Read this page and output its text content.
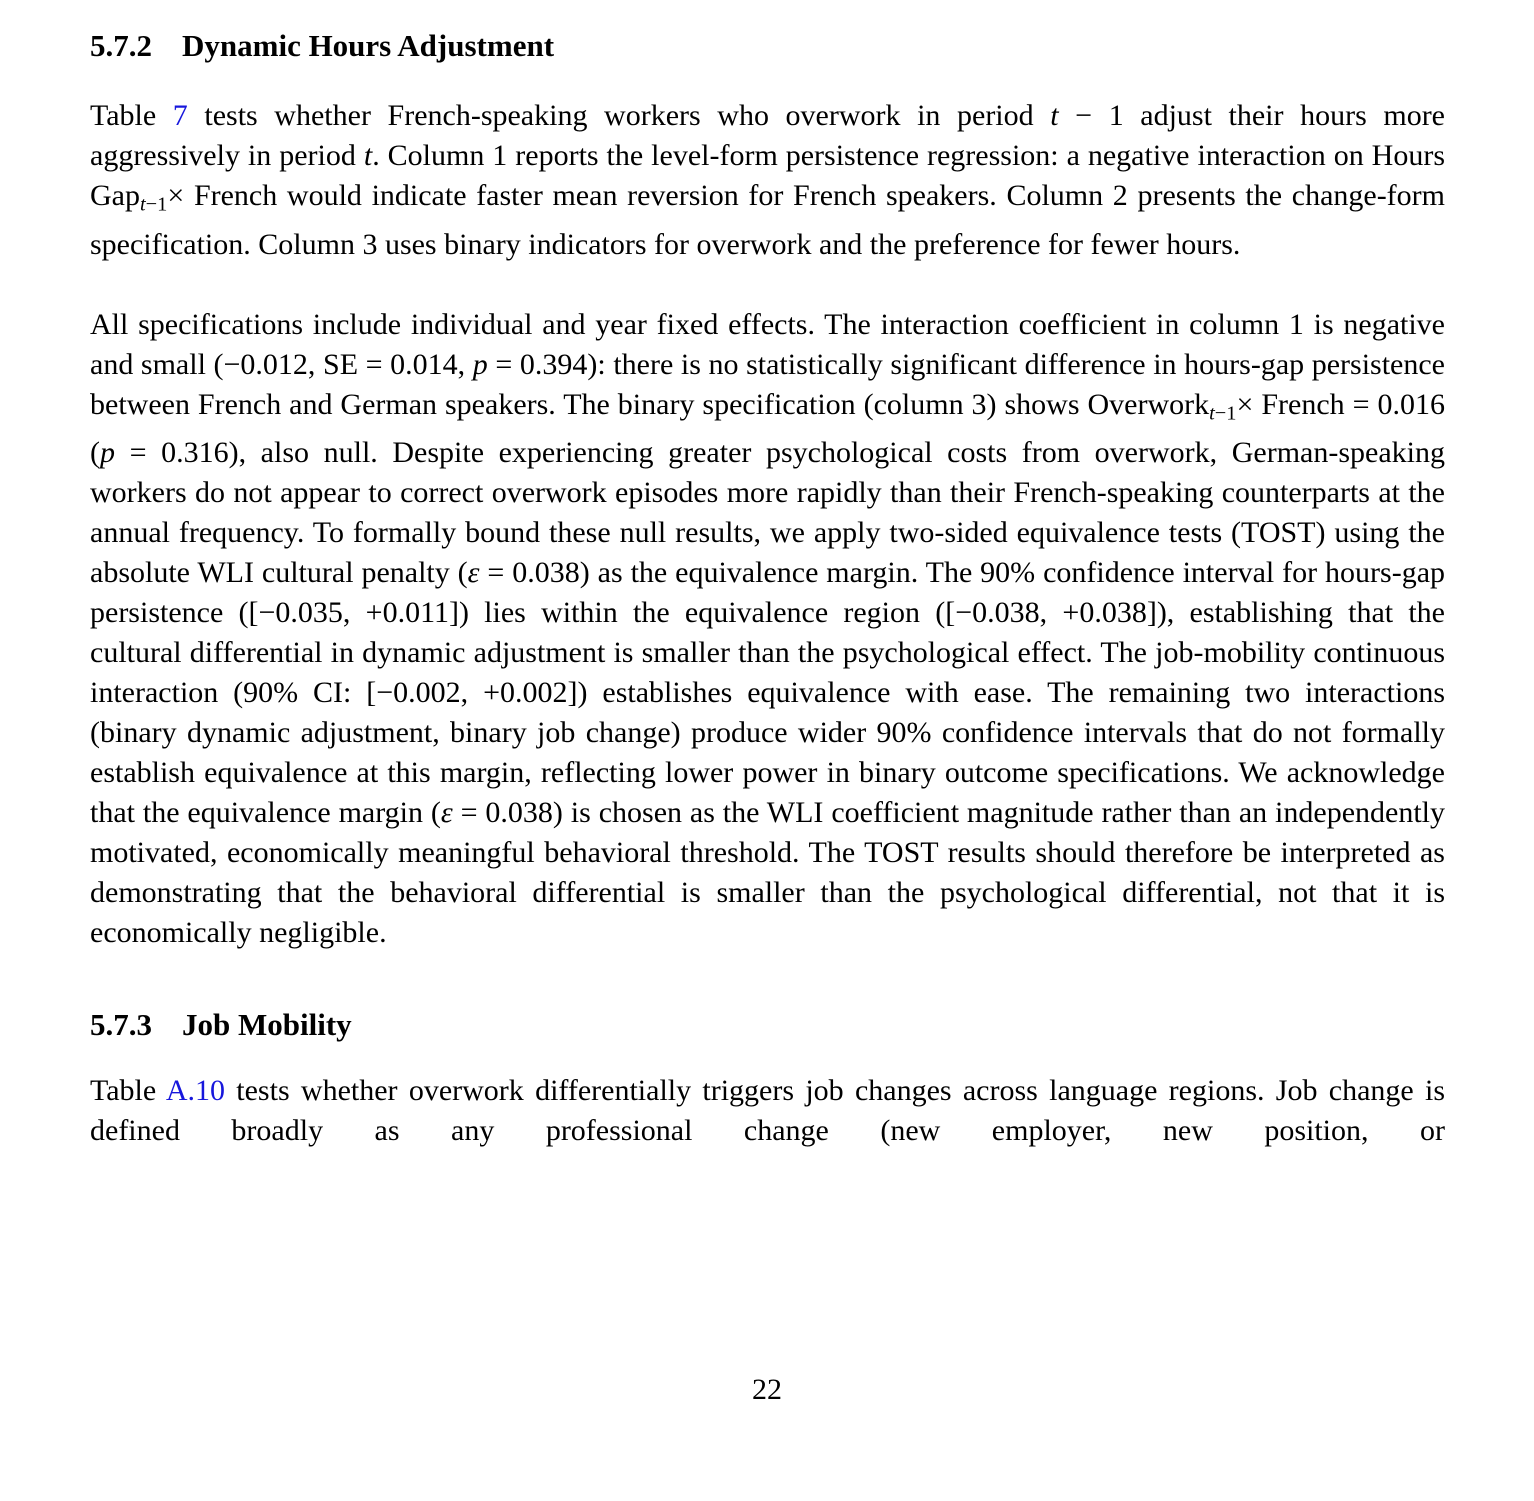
5.7.2 Dynamic Hours Adjustment

Table 7 tests whether French-speaking workers who overwork in period t − 1 adjust their hours more aggressively in period t. Column 1 reports the level-form persistence regression: a negative interaction on Hours Gapt−1× French would indicate faster mean reversion for French speakers. Column 2 presents the change-form specification. Column 3 uses binary indicators for overwork and the preference for fewer hours.

All specifications include individual and year fixed effects. The interaction coefficient in column 1 is negative and small (−0.012, SE = 0.014, p = 0.394): there is no statistically significant difference in hours-gap persistence between French and German speakers. The binary specification (column 3) shows Overworkt−1× French = 0.016 (p = 0.316), also null. Despite experiencing greater psychological costs from overwork, German-speaking workers do not appear to correct overwork episodes more rapidly than their French-speaking counterparts at the annual frequency. To formally bound these null results, we apply two-sided equivalence tests (TOST) using the absolute WLI cultural penalty (ε = 0.038) as the equivalence margin. The 90% confidence interval for hours-gap persistence ([−0.035, +0.011]) lies within the equivalence region ([−0.038, +0.038]), establishing that the cultural differential in dynamic adjustment is smaller than the psychological effect. The job-mobility continuous interaction (90% CI: [−0.002, +0.002]) establishes equivalence with ease. The remaining two interactions (binary dynamic adjustment, binary job change) produce wider 90% confidence intervals that do not formally establish equivalence at this margin, reflecting lower power in binary outcome specifications. We acknowledge that the equivalence margin (ε = 0.038) is chosen as the WLI coefficient magnitude rather than an independently motivated, economically meaningful behavioral threshold. The TOST results should therefore be interpreted as demonstrating that the behavioral differential is smaller than the psychological differential, not that it is economically negligible.

5.7.3 Job Mobility

Table A.10 tests whether overwork differentially triggers job changes across language regions. Job change is defined broadly as any professional change (new employer, new position, or

22
